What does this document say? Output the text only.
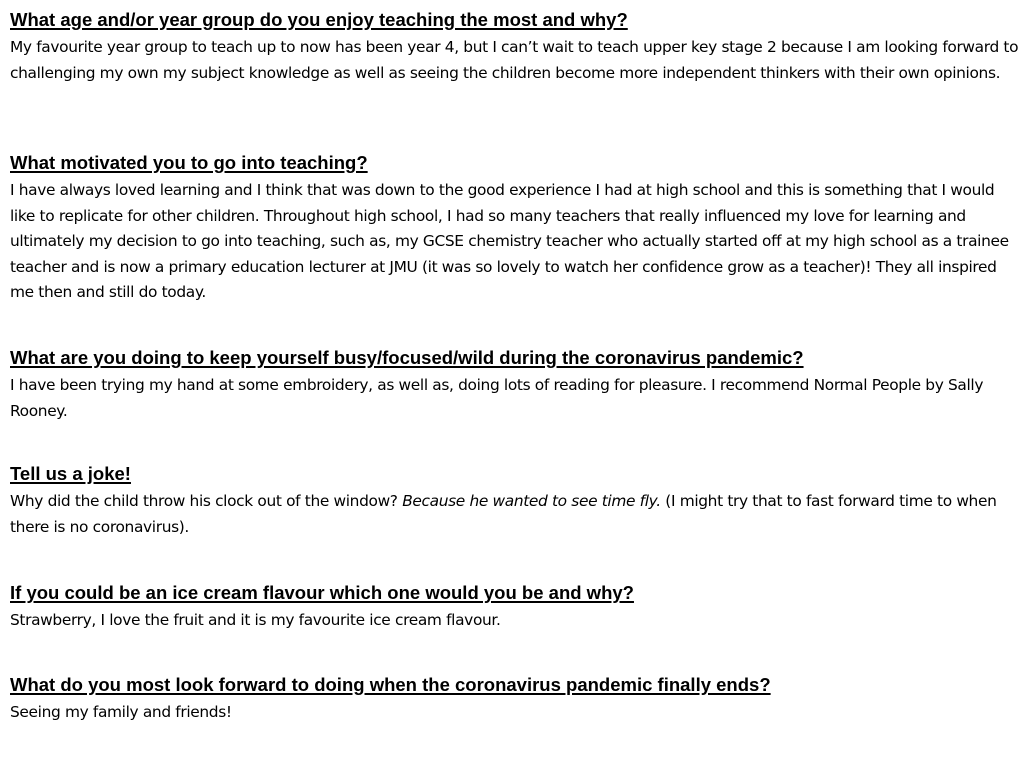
What age and/or year group do you enjoy teaching the most and why?

My favourite year group to teach up to now has been year 4, but I can’t wait to teach upper key stage 2 because I am looking forward to challenging my own my subject knowledge as well as seeing the children become more independent thinkers with their own opinions.

What motivated you to go into teaching?

I have always loved learning and I think that was down to the good experience I had at high school and this is something that I would like to replicate for other children. Throughout high school, I had so many teachers that really influenced my love for learning and ultimately my decision to go into teaching, such as, my GCSE chemistry teacher who actually started off at my high school as a trainee teacher and is now a primary education lecturer at JMU (it was so lovely to watch her confidence grow as a teacher)! They all inspired me then and still do today.

What are you doing to keep yourself busy/focused/wild during the coronavirus pandemic?

I have been trying my hand at some embroidery, as well as, doing lots of reading for pleasure. I recommend Normal People by Sally Rooney.

Tell us a joke!

Why did the child throw his clock out of the window? Because he wanted to see time fly. (I might try that to fast forward time to when there is no coronavirus).

If you could be an ice cream flavour which one would you be and why?

Strawberry, I love the fruit and it is my favourite ice cream flavour.

What do you most look forward to doing when the coronavirus pandemic finally ends?

Seeing my family and friends!
